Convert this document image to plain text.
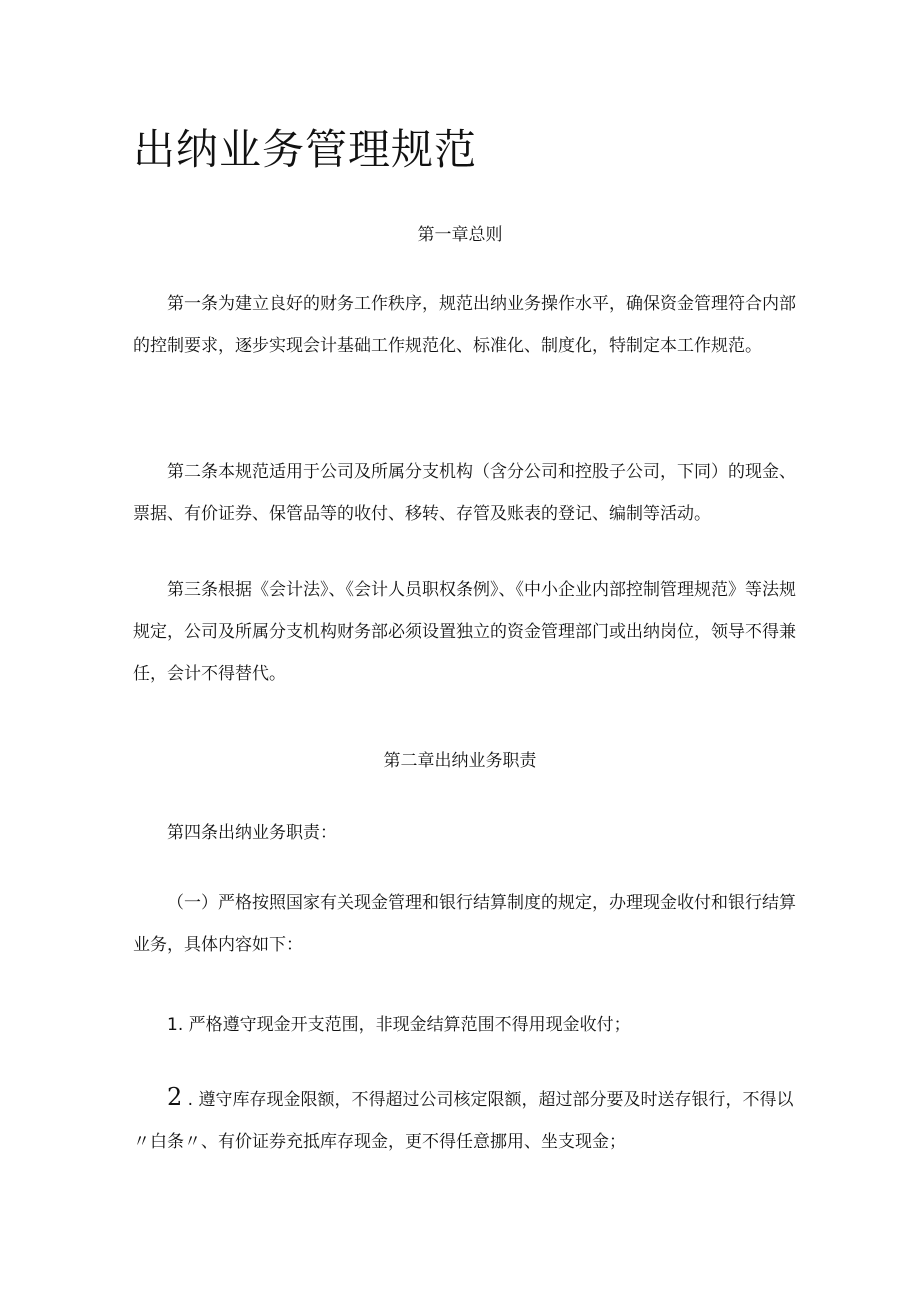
出纳业务管理规范
第一章总则

第一条为建立良好的财务工作秩序，规范出纳业务操作水平，确保资金管理符合内部的控制要求，逐步实现会计基础工作规范化、标准化、制度化，特制定本工作规范。

第二条本规范适用于公司及所属分支机构（含分公司和控股子公司，下同）的现金、票据、有价证券、保管品等的收付、移转、存管及账表的登记、编制等活动。

第三条根据《会计法》、《会计人员职权条例》、《中小企业内部控制管理规范》等法规规定，公司及所属分支机构财务部必须设置独立的资金管理部门或出纳岗位，领导不得兼任，会计不得替代。

第二章出纳业务职责

第四条出纳业务职责：

（一）严格按照国家有关现金管理和银行结算制度的规定，办理现金收付和银行结算业务，具体内容如下：

1. 严格遵守现金开支范围，非现金结算范围不得用现金收付；

2 . 遵守库存现金限额，不得超过公司核定限额，超过部分要及时送存银行，不得以〃白条〃、有价证券充抵库存现金，更不得任意挪用、坐支现金；
